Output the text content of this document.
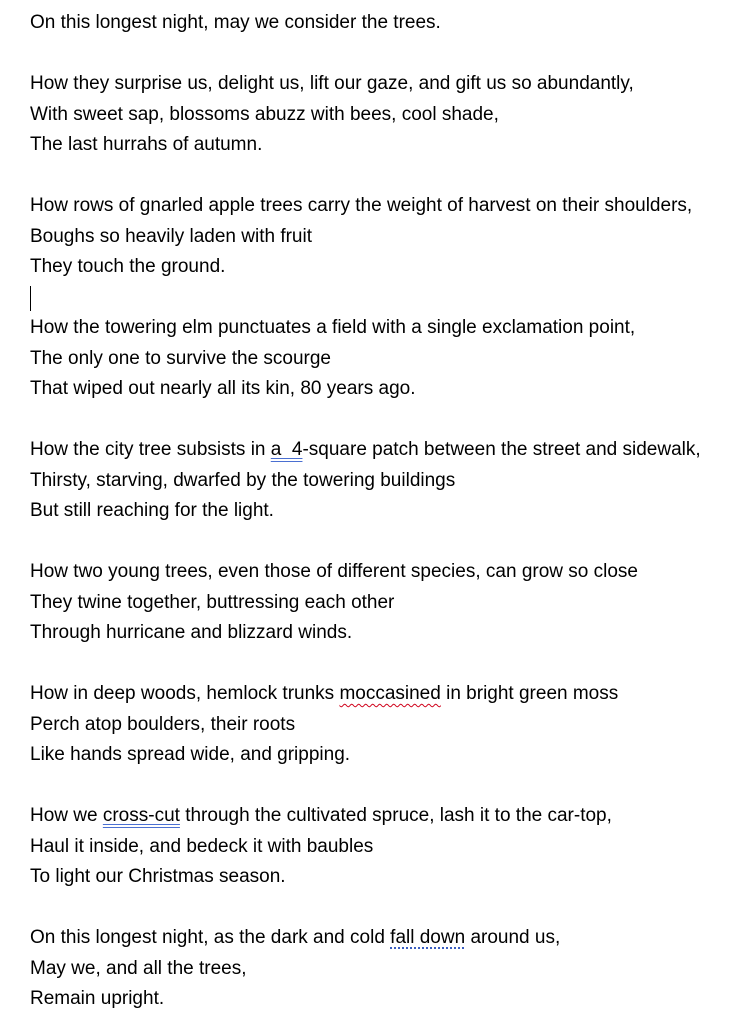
On this longest night, may we consider the trees.
How they surprise us, delight us, lift our gaze, and gift us so abundantly,
With sweet sap, blossoms abuzz with bees, cool shade,
The last hurrahs of autumn.
How rows of gnarled apple trees carry the weight of harvest on their shoulders,
Boughs so heavily laden with fruit
They touch the ground.
How the towering elm punctuates a field with a single exclamation point,
The only one to survive the scourge
That wiped out nearly all its kin, 80 years ago.
How the city tree subsists in a  4-square patch between the street and sidewalk,
Thirsty, starving, dwarfed by the towering buildings
But still reaching for the light.
How two young trees, even those of different species, can grow so close
They twine together, buttressing each other
Through hurricane and blizzard winds.
How in deep woods, hemlock trunks moccasined in bright green moss
Perch atop boulders, their roots
Like hands spread wide, and gripping.
How we cross-cut through the cultivated spruce, lash it to the car-top,
Haul it inside, and bedeck it with baubles
To light our Christmas season.
On this longest night, as the dark and cold fall down around us,
May we, and all the trees,
Remain upright.
